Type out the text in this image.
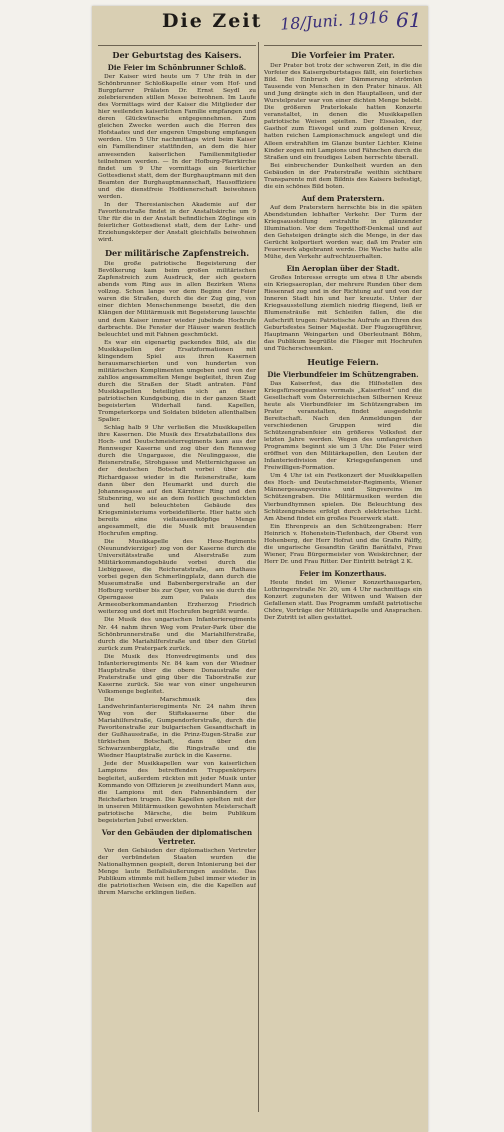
Die Zeit 18/Juni. 1916 61
Der Geburtstag des Kaisers.
Die Feier im Schönbrunner Schloß.

Der Kaiser wird heute um 7 Uhr früh in der Schönbrunner Schloßkapelle einer vom Hof- und Burgpfarrer Prälaten Dr. Ernst Seydl zu zelebrierenden stillen Messe beiwohnen. Im Laufe des Vormittags wird der Kaiser die Mitglieder der hier weilenden kaiserlichen Familie empfangen und deren Glückwünsche entgegennehmen. Zum gleichen Zwecke werden auch die Herren des Hofstaates und der engeren Umgebung empfangen werden. Um 5 Uhr nachmittags wird beim Kaiser ein Familiendiner stattfinden, an dem die hier anwesenden kaiserlichen Familienmitglieder teilnehmen werden. — In der Hofburg-Pfarrkirche findet um 9 Uhr vormittags ein feierlicher Gottesdienst statt, dem der Burghauptmann mit den Beamten der Burghauptmannschaft, Hausoffiziere und die dienstfreie Hofdienerschaft beiwohnen werden.

In der Theresianischen Akademie auf der Favoritenstraße findet in der Anstaltskirche um 9 Uhr für die in der Anstalt befindlichen Zöglinge ein feierlicher Gottesdienst statt, dem der Lehr- und Erziehungskörper der Anstalt gleichfalls beiwohnen wird.

Der militärische Zapfenstreich.

Die große patriotische Begeisterung der Bevölkerung kam beim großen militärischen Zapfenstreich zum Ausdruck, der sich gestern abends vom Ring aus in allen Bezirken Wiens vollzog. Schon lange vor dem Beginn der Feier waren die Straßen, durch die der Zug ging, von einer dichten Menschenmenge besetzt, die den Klängen der Militärmusik mit Begeisterung lauschte und dem Kaiser immer wieder jubelnde Hochrufe darbrachte. Die Fenster der Häuser waren festlich beleuchtet und mit Fahnen geschmückt.

Es war ein eigenartig packendes Bild, als die Musikkapellen der Ersatzformationen mit klingendem Spiel aus ihren Kasernen herausmarschierten und von hunderten von militärischen Komplimenten umgeben und von der zahllos angesammelten Menge begleitet, ihren Zug durch die Straßen der Stadt antraten. Fünf Musikkapellen beteiligten sich an dieser patriotischen Kundgebung, die in der ganzen Stadt begeisterten Widerhall fand. Kapellen, Trompeterkorps und Soldaten bildeten allenthalben Spalier.

Schlag halb 9 Uhr verließen die Musikkapellen ihre Kasernen. Die Musik des Ersatzbataillons des Hoch- und Deutschmeisterregiments kam aus der Rennweger Kaserne und zog über den Rennweg durch die Ungargasse, die Neulinggasse, die Reisnerstraße, Strohgasse und Metternichgasse an der deutschen Botschaft vorbei über die Richardgasse wieder in die Reisnerstraße, kam dann über den Heumarkt und durch die Johannesgasse auf den Kärntner Ring und den Stubenring, wo sie an dem festlich geschmückten und hell beleuchteten Gebäude des Kriegsministeriums vorbeidefilierte. Hier hatte sich bereits eine vieltausendköpfige Menge angesammelt, die die Musik mit brausenden Hochrufen empfing.

Die Musikkapelle des Hesz-Regiments (Neunundvierziger) zog von der Kaserne durch die Universitätsstraße und Alserstraße zum Militärkommandogebäude vorbei durch die Liebiggasse, die Reichsratstraße, am Rathaus vorbei gegen den Schmerlingplatz, dann durch die Museumstraße und Babenbergerstraße an der Hofburg vorüber bis zur Oper, von wo sie durch die Operngasse zum Palais des Armeeoberkommandanten Erzherzog Friedrich weiterzog und dort mit Hochrufen begrüßt wurde.

Die Musik des ungarischen Infanterieregiments Nr. 44 nahm ihren Weg vom Prater-Park über die Schönbrunnerstraße und die Mariahilferstraße, durch die Mariahilferstraße und über den Gürtel zurück zum Praterpark zurück.

Die Musik des Honvedregiments und des Infanterieregiments Nr. 84 kam von der Wiedner Hauptstraße über die obere Donaustraße der Praterstraße und ging über die Taborstraße zur Kaserne zurück. Sie war von einer ungeheuren Volksmenge begleitet.

Die Marschmusik des Landwehrinfanterieregiments Nr. 24 nahm ihren Weg von der Stiftskaserne über die Mariahilferstraße, Gumpendorferstraße, durch die Favoritenstraße zur bulgarischen Gesandtschaft in der Gußhausstraße, in die Prinz-Eugen-Straße zur türkischen Botschaft, dann über den Schwarzenbergplatz, die Ringstraße und die Wiedner Hauptstraße zurück in die Kaserne.

Jede der Musikkapellen war von kaiserlichen Lampions des betreffenden Truppenkörpers begleitet, außerdem rückten mit jeder Musik unter Kommando von Offizieren je zweihundert Mann aus, die Lampions mit den Fahnenbändern der Reichsfarben trugen. Die Kapellen spielten mit der in unseren Militärmusiken gewohnten Meisterschaft patriotische Märsche, die beim Publikum begeisterten Jubel erweckten.

Vor den Gebäuden der diplomatischen Vertreter.

Vor den Gebäuden der diplomatischen Vertreter der verbündeten Staaten wurden die Nationalhymnen gespielt, deren Intonierung bei der Menge laute Beifallsäußerungen auslöste. Das Publikum stimmte mit hellem Jubel immer wieder in die patriotischen Weisen ein, die die Kapellen auf ihrem Marsche erklingen ließen.

Die Vorfeier im Prater.

Der Prater bot trotz der schweren Zeit, in die die Vorfeier des Kaisergeburtstages fällt, ein feierliches Bild. Bei Einbruch der Dämmerung strömten Tausende von Menschen in den Prater hinaus. Alt und Jung drängte sich in den Hauptalleen, und der Wurstelprater war von einer dichten Menge belebt. Die größeren Praterlokale hatten Konzerte veranstaltet, in denen die Musikkapellen patriotische Weisen spielten. Der Eissalon, der Gasthof zum Eisvogel und zum goldenen Kreuz, hatten reichen Lampionschmuck angelegt und die Alleen erstrahlten im Glanze bunter Lichter. Kleine Kinder zogen mit Lampions und Fähnchen durch die Straßen und ein freudiges Leben herrschte überall.

Bei einbrechender Dunkelheit wurden an den Gebäuden in der Praterstraße weithin sichtbare Transparente mit dem Bildnis des Kaisers befestigt, die ein schönes Bild boten.

Auf dem Praterstern.

Auf dem Praterstern herrschte bis in die späten Abendstunden lebhafter Verkehr. Der Turm der Kriegsausstellung erstrahlte in glänzender Illumination. Vor dem Tegetthoff-Denkmal und auf den Gehsteigen drängte sich die Menge, in der das Gerücht kolportiert worden war, daß im Prater ein Feuerwerk abgebrannt werde. Die Wache hatte alle Mühe, den Verkehr aufrechtzuerhalten.

Ein Aeroplan über der Stadt.

Großes Interesse erregte um etwa 8 Uhr abends ein Kriegsaeroplan, der mehrere Runden über dem Riesenrad zog und in der Richtung auf und von der Inneren Stadt hin und her kreuzte. Unter der Kriegsausstellung ziemlich niedrig fliegend, ließ er Blumensträuße mit Schleifen fallen, die die Aufschrift trugen: Patriotische Aufrufe an Ehren des Geburtsfestes Seiner Majestät. Der Flugzeugführer, Hauptmann Weingarten und Oberleutnant Böhm, das Publikum begrüßte die Flieger mit Hochrufen und Tücherschwenken.

Heutige Feiern.
Die Vierbundfeier im Schützengraben.

Das Kaiserfest, das die Hilfsstellen des Kriegsfürsorgeamtes vormals „Kaiserfest“ und die Gesellschaft vom Österreichischen Silbernen Kreuz heute als Vierbundfeier im Schützengraben im Prater veranstalten, findet ausgedehnte Bereitschaft. Nach den Anmeldungen der verschiedenen Gruppen wird die Schützengrabenfeier ein größeres Volksfest der letzten Jahre werden. Wegen des umfangreichen Programms beginnt sie um 3 Uhr. Die Feier wird eröffnet von den Militärkapellen, den Leuten der Infanteriedivision der Kriegsgefangenen und Freiwilligen-Formation.

Um 4 Uhr ist ein Festkonzert der Musikkapellen des Hoch- und Deutschmeister-Regiments, Wiener Männergesangvereins und Singvereins im Schützengraben. Die Militärmusiken werden die Vierbundhymnen spielen. Die Beleuchtung des Schützengrabens erfolgt durch elektrisches Licht. Am Abend findet ein großes Feuerwerk statt.

Ein Ehrenpreis an den Schützengraben: Herr Heinrich v. Hohenstein-Tiefenbach, der Oberst von Hohenberg, der Herr Hofrat und die Grafin Pálffy, die ungarische Gesandtin Gräfin Barátfalvi, Frau Wiener, Frau Bürgermeister von Weiskirchner, der Herr Dr. und Frau Ritter. Der Eintritt beträgt 2 K.

Feier im Konzerthaus.

Heute findet im Wiener Konzerthausgarten, Lothringerstraße Nr. 20, um 4 Uhr nachmittags ein Konzert zugunsten der Witwen und Waisen der Gefallenen statt. Das Programm umfaßt patriotische Chöre, Vorträge der Militärkapelle und Ansprachen. Der Zutritt ist allen gestattet.
